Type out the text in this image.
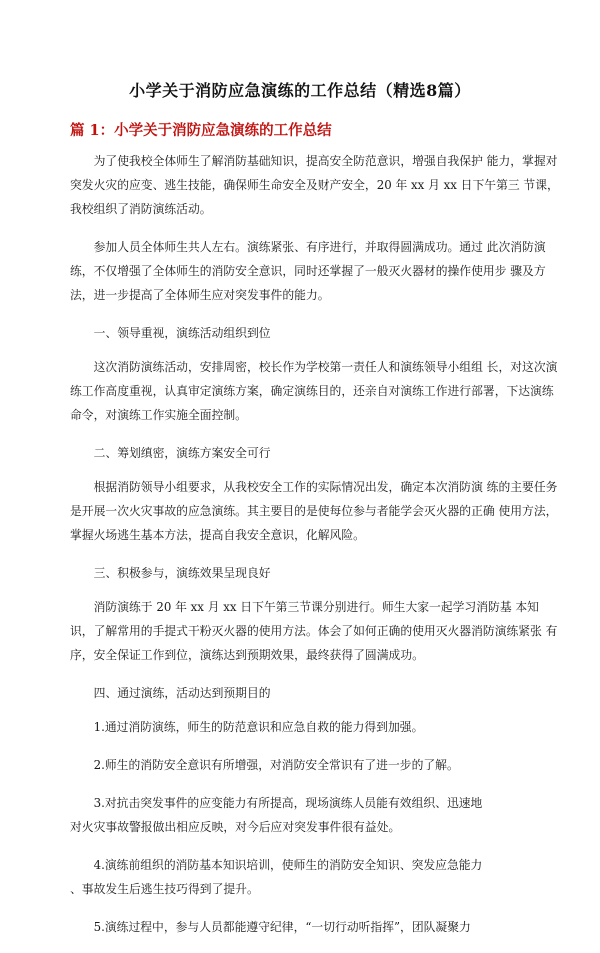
小学关于消防应急演练的工作总结（精选8篇）
篇 1：小学关于消防应急演练的工作总结

为了使我校全体师生了解消防基础知识，提高安全防范意识，增强自我保护 能力，掌握对突发火灾的应变、逃生技能，确保师生命安全及财产安全，20 年 xx 月 xx 日下午第三 节课，我校组织了消防演练活动。

参加人员全体师生共人左右。演练紧张、有序进行，并取得圆满成功。通过 此次消防演练，不仅增强了全体师生的消防安全意识，同时还掌握了一般灭火器材的操作使用步 骤及方法，进一步提高了全体师生应对突发事件的能力。

一、领导重视，演练活动组织到位

这次消防演练活动，安排周密，校长作为学校第一责任人和演练领导小组组 长，对这次演练工作高度重视，认真审定演练方案，确定演练目的，还亲自对演练工作进行部署，下达演练命令，对演练工作实施全面控制。

二、筹划缜密，演练方案安全可行

根据消防领导小组要求，从我校安全工作的实际情况出发，确定本次消防演 练的主要任务是开展一次火灾事故的应急演练。其主要目的是使每位参与者能学会灭火器的正确 使用方法，掌握火场逃生基本方法，提高自我安全意识，化解风险。

三、积极参与，演练效果呈现良好

消防演练于 20 年 xx 月 xx 日下午第三节课分别进行。师生大家一起学习消防基 本知识，了解常用的手提式干粉灭火器的使用方法。体会了如何正确的使用灭火器消防演练紧张 有序，安全保证工作到位，演练达到预期效果，最终获得了圆满成功。

四、通过演练，活动达到预期目的

1.通过消防演练，师生的防范意识和应急自救的能力得到加强。

2.师生的消防安全意识有所增强，对消防安全常识有了进一步的了解。

3.对抗击突发事件的应变能力有所提高，现场演练人员能有效组织、迅速地
对火灾事故警报做出相应反映，对今后应对突发事件很有益处。

4.演练前组织的消防基本知识培训，使师生的消防安全知识、突发应急能力
、事故发生后逃生技巧得到了提升。

5.演练过程中，参与人员都能遵守纪律，“一切行动听指挥”，团队凝聚力
